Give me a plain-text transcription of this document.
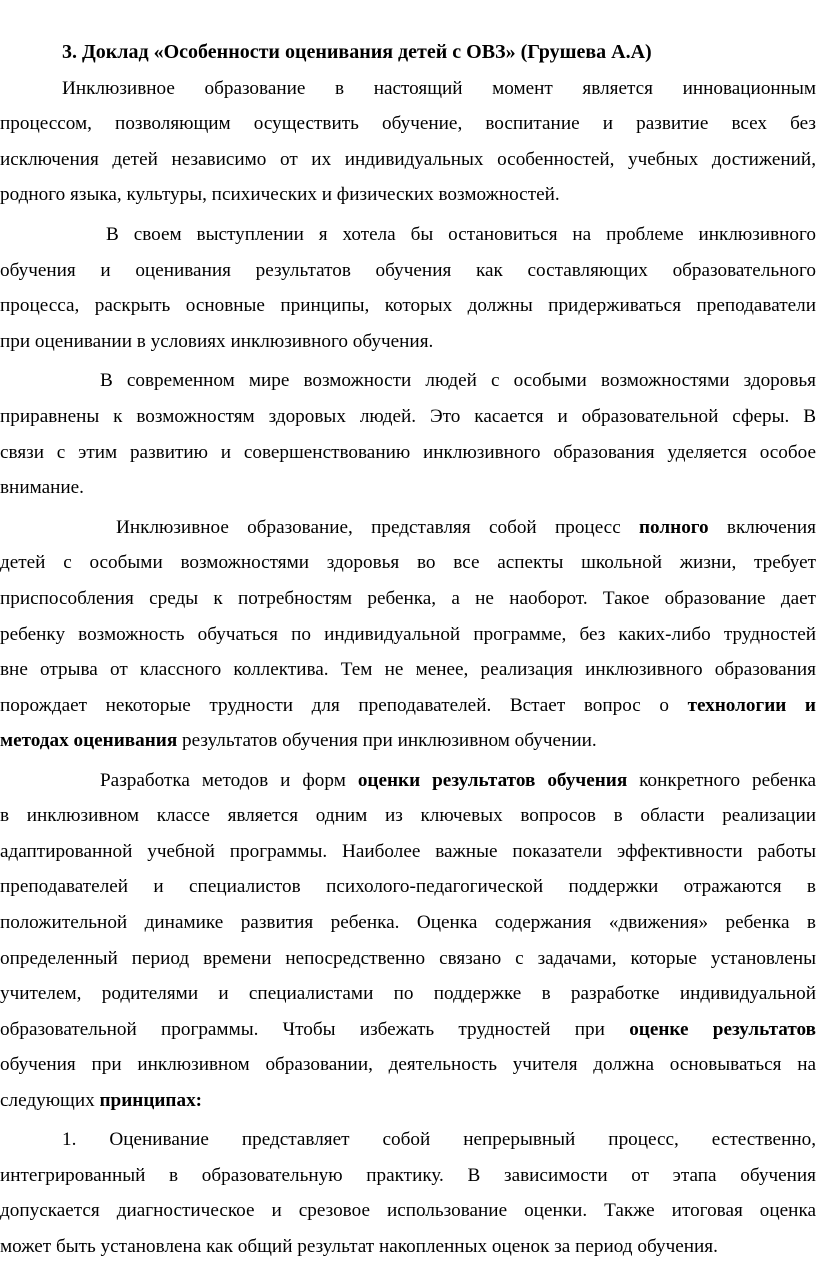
3. Доклад «Особенности оценивания детей с ОВЗ» (Грушева А.А)
Инклюзивное образование в настоящий момент является инновационным
процессом, позволяющим осуществить обучение, воспитание и развитие всех без
исключения детей независимо от их индивидуальных особенностей, учебных достижений,
родного языка, культуры, психических и физических возможностей.
В своем выступлении я хотела бы остановиться на проблеме инклюзивного
обучения и оценивания результатов обучения как составляющих образовательного
процесса, раскрыть основные принципы, которых должны придерживаться преподаватели
при оценивании в условиях инклюзивного обучения.
В современном мире возможности людей с особыми возможностями здоровья
приравнены к возможностям здоровых людей. Это касается и образовательной сферы. В
связи с этим развитию и совершенствованию инклюзивного образования уделяется особое
внимание.
Инклюзивное образование, представляя собой процесс полного включения
детей с особыми возможностями здоровья во все аспекты школьной жизни, требует
приспособления среды к потребностям ребенка, а не наоборот. Такое образование дает
ребенку возможность обучаться по индивидуальной программе, без каких-либо трудностей
вне отрыва от классного коллектива. Тем не менее, реализация инклюзивного образования
порождает некоторые трудности для преподавателей. Встает вопрос о технологии и
методах оценивания результатов обучения при инклюзивном обучении.
Разработка методов и форм оценки результатов обучения конкретного ребенка
в инклюзивном классе является одним из ключевых вопросов в области реализации
адаптированной учебной программы. Наиболее важные показатели эффективности работы
преподавателей и специалистов психолого-педагогической поддержки отражаются в
положительной динамике развития ребенка. Оценка содержания «движения» ребенка в
определенный период времени непосредственно связано с задачами, которые установлены
учителем, родителями и специалистами по поддержке в разработке индивидуальной
образовательной программы. Чтобы избежать трудностей при оценке результатов
обучения при инклюзивном образовании, деятельность учителя должна основываться на
следующих принципах:
1. Оценивание представляет собой непрерывный процесс, естественно,
интегрированный в образовательную практику. В зависимости от этапа обучения
допускается диагностическое и срезовое использование оценки. Также итоговая оценка
может быть установлена как общий результат накопленных оценок за период обучения.
